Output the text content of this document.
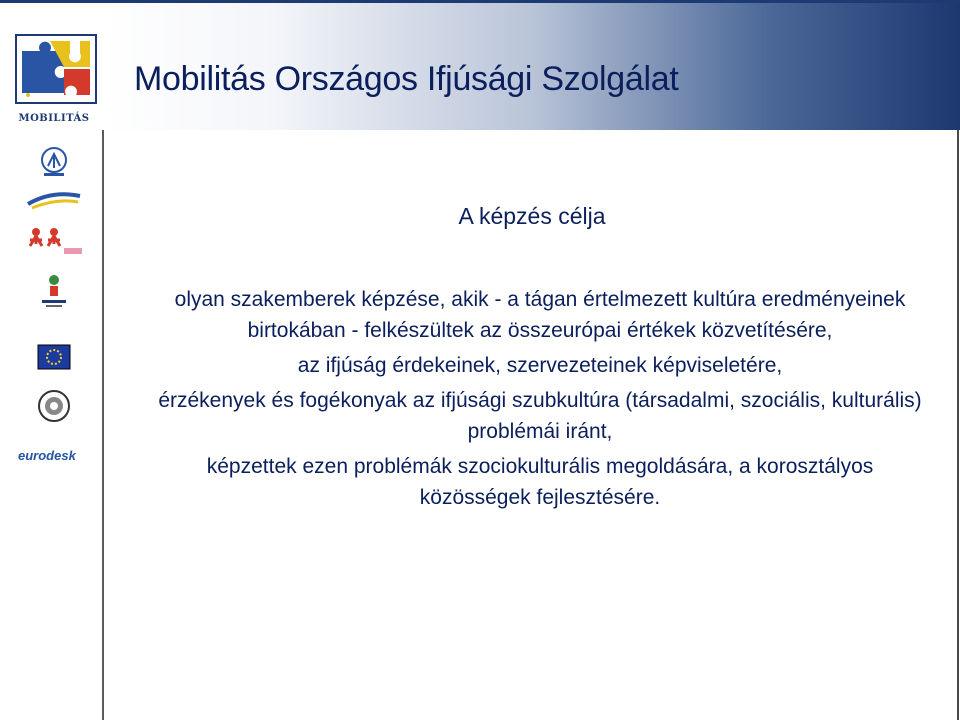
MOBILITÁS
eurodesk
Mobilitás Országos Ifjúsági Szolgálat
A képzés célja

olyan szakemberek képzése, akik - a tágan értelmezett kultúra eredményeinek birtokában - felkészültek az összeurópai értékek közvetítésére,

az ifjúság érdekeinek, szervezeteinek képviseletére,

érzékenyek és fogékonyak az ifjúsági szubkultúra (társadalmi, szociális, kulturális) problémái iránt,

képzettek ezen problémák szociokulturális megoldására, a korosztályos közösségek fejlesztésére.
